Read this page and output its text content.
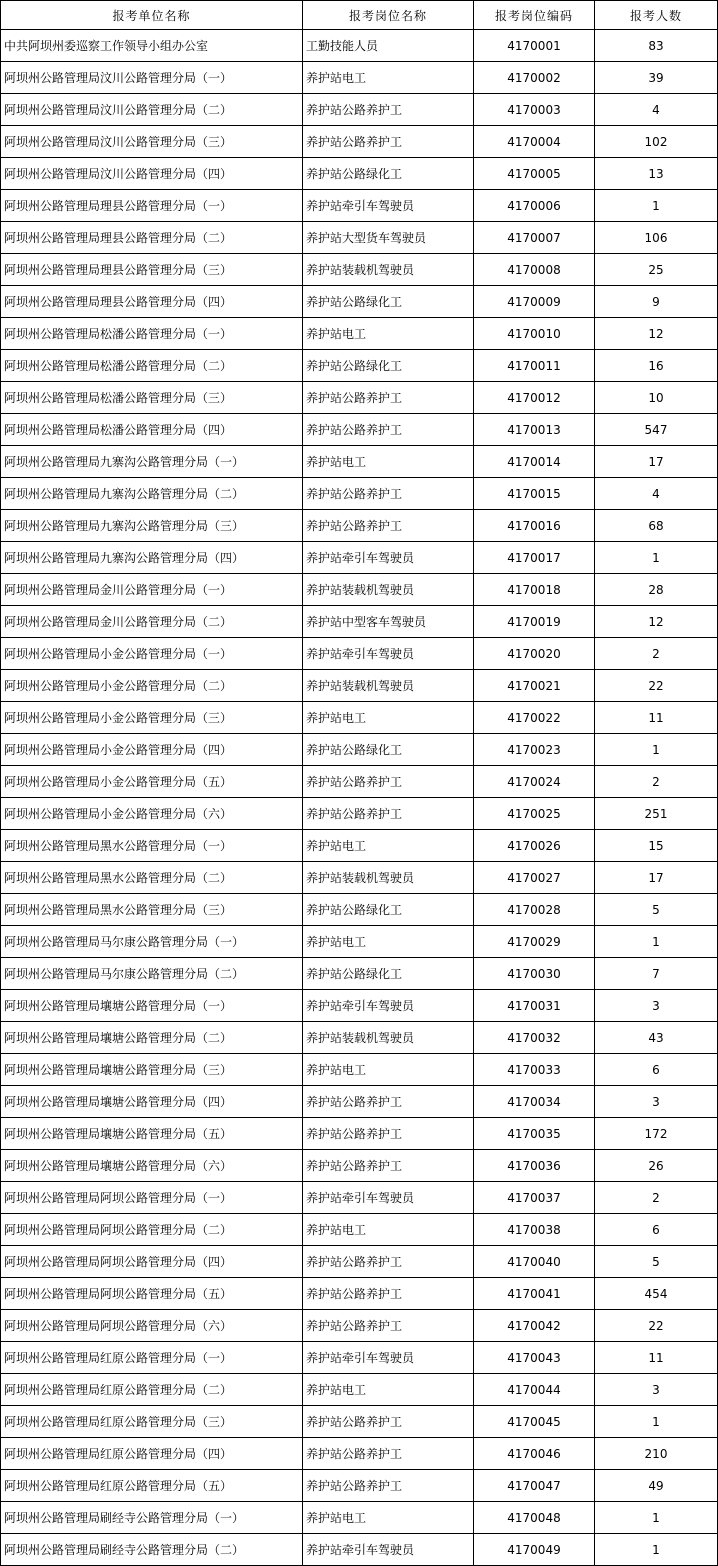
报考单位名称	报考岗位名称	报考岗位编码	报考人数
中共阿坝州委巡察工作领导小组办公室	工勤技能人员	4170001	83
阿坝州公路管理局汶川公路管理分局（一）	养护站电工	4170002	39
阿坝州公路管理局汶川公路管理分局（二）	养护站公路养护工	4170003	4
阿坝州公路管理局汶川公路管理分局（三）	养护站公路养护工	4170004	102
阿坝州公路管理局汶川公路管理分局（四）	养护站公路绿化工	4170005	13
阿坝州公路管理局理县公路管理分局（一）	养护站牵引车驾驶员	4170006	1
阿坝州公路管理局理县公路管理分局（二）	养护站大型货车驾驶员	4170007	106
阿坝州公路管理局理县公路管理分局（三）	养护站装载机驾驶员	4170008	25
阿坝州公路管理局理县公路管理分局（四）	养护站公路绿化工	4170009	9
阿坝州公路管理局松潘公路管理分局（一）	养护站电工	4170010	12
阿坝州公路管理局松潘公路管理分局（二）	养护站公路绿化工	4170011	16
阿坝州公路管理局松潘公路管理分局（三）	养护站公路养护工	4170012	10
阿坝州公路管理局松潘公路管理分局（四）	养护站公路养护工	4170013	547
阿坝州公路管理局九寨沟公路管理分局（一）	养护站电工	4170014	17
阿坝州公路管理局九寨沟公路管理分局（二）	养护站公路养护工	4170015	4
阿坝州公路管理局九寨沟公路管理分局（三）	养护站公路养护工	4170016	68
阿坝州公路管理局九寨沟公路管理分局（四）	养护站牵引车驾驶员	4170017	1
阿坝州公路管理局金川公路管理分局（一）	养护站装载机驾驶员	4170018	28
阿坝州公路管理局金川公路管理分局（二）	养护站中型客车驾驶员	4170019	12
阿坝州公路管理局小金公路管理分局（一）	养护站牵引车驾驶员	4170020	2
阿坝州公路管理局小金公路管理分局（二）	养护站装载机驾驶员	4170021	22
阿坝州公路管理局小金公路管理分局（三）	养护站电工	4170022	11
阿坝州公路管理局小金公路管理分局（四）	养护站公路绿化工	4170023	1
阿坝州公路管理局小金公路管理分局（五）	养护站公路养护工	4170024	2
阿坝州公路管理局小金公路管理分局（六）	养护站公路养护工	4170025	251
阿坝州公路管理局黑水公路管理分局（一）	养护站电工	4170026	15
阿坝州公路管理局黑水公路管理分局（二）	养护站装载机驾驶员	4170027	17
阿坝州公路管理局黑水公路管理分局（三）	养护站公路绿化工	4170028	5
阿坝州公路管理局马尔康公路管理分局（一）	养护站电工	4170029	1
阿坝州公路管理局马尔康公路管理分局（二）	养护站公路绿化工	4170030	7
阿坝州公路管理局壤塘公路管理分局（一）	养护站牵引车驾驶员	4170031	3
阿坝州公路管理局壤塘公路管理分局（二）	养护站装载机驾驶员	4170032	43
阿坝州公路管理局壤塘公路管理分局（三）	养护站电工	4170033	6
阿坝州公路管理局壤塘公路管理分局（四）	养护站公路养护工	4170034	3
阿坝州公路管理局壤塘公路管理分局（五）	养护站公路养护工	4170035	172
阿坝州公路管理局壤塘公路管理分局（六）	养护站公路养护工	4170036	26
阿坝州公路管理局阿坝公路管理分局（一）	养护站牵引车驾驶员	4170037	2
阿坝州公路管理局阿坝公路管理分局（二）	养护站电工	4170038	6
阿坝州公路管理局阿坝公路管理分局（四）	养护站公路养护工	4170040	5
阿坝州公路管理局阿坝公路管理分局（五）	养护站公路养护工	4170041	454
阿坝州公路管理局阿坝公路管理分局（六）	养护站公路养护工	4170042	22
阿坝州公路管理局红原公路管理分局（一）	养护站牵引车驾驶员	4170043	11
阿坝州公路管理局红原公路管理分局（二）	养护站电工	4170044	3
阿坝州公路管理局红原公路管理分局（三）	养护站公路养护工	4170045	1
阿坝州公路管理局红原公路管理分局（四）	养护站公路养护工	4170046	210
阿坝州公路管理局红原公路管理分局（五）	养护站公路养护工	4170047	49
阿坝州公路管理局刷经寺公路管理分局（一）	养护站电工	4170048	1
阿坝州公路管理局刷经寺公路管理分局（二）	养护站牵引车驾驶员	4170049	1
